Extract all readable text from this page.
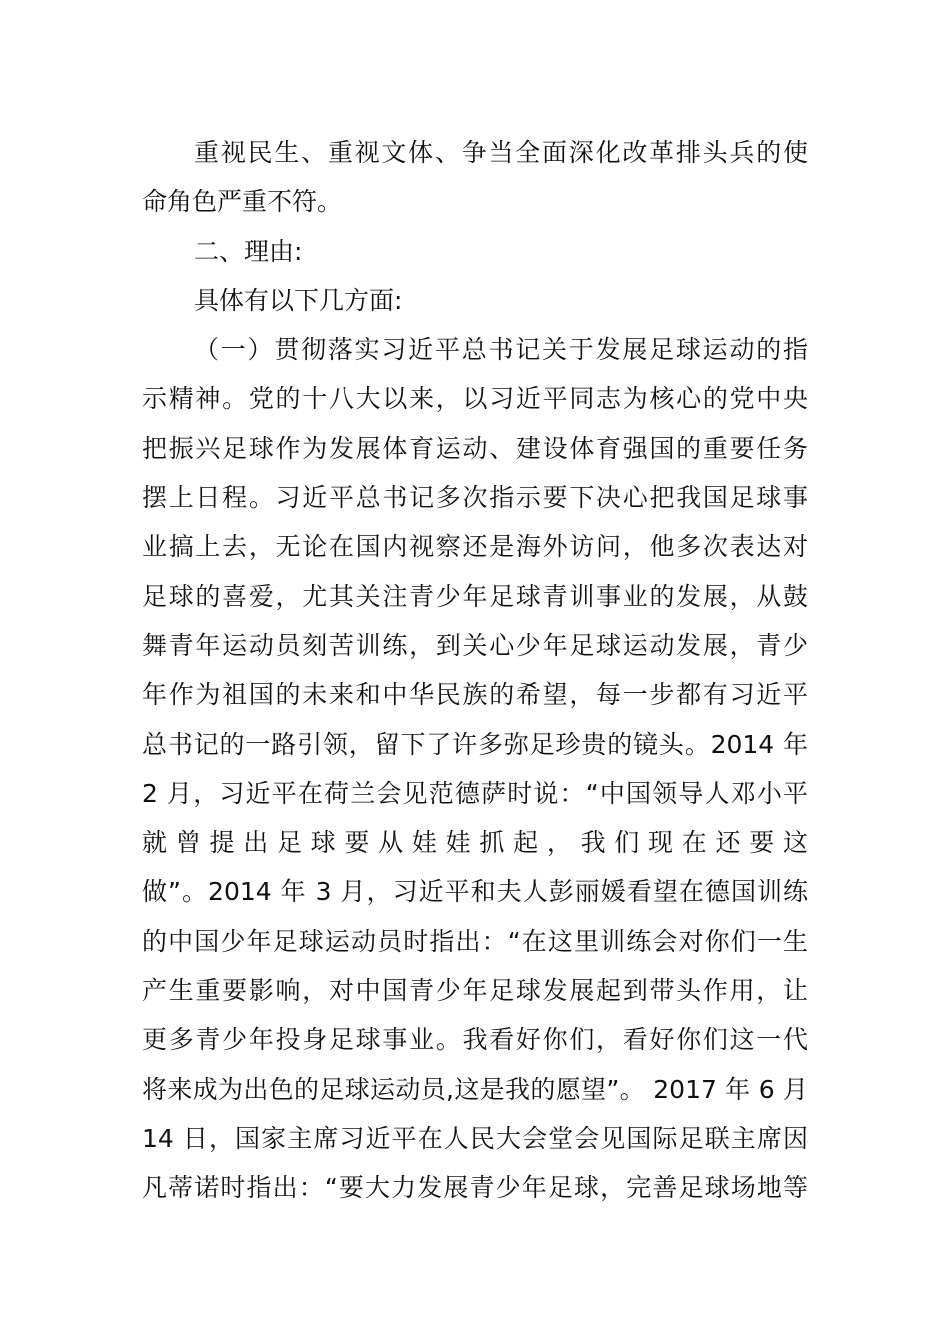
重视民生、重视文体、争当全面深化改革排头兵的使
命角色严重不符。
二、理由:
具体有以下几方面:
（一）贯彻落实习近平总书记关于发展足球运动的指
示精神。党的十八大以来，以习近平同志为核心的党中央
把振兴足球作为发展体育运动、建设体育强国的重要任务
摆上日程。习近平总书记多次指示要下决心把我国足球事
业搞上去，无论在国内视察还是海外访问，他多次表达对
足球的喜爱，尤其关注青少年足球青训事业的发展，从鼓
舞青年运动员刻苦训练，到关心少年足球运动发展，青少
年作为祖国的未来和中华民族的希望，每一步都有习近平
总书记的一路引领，留下了许多弥足珍贵的镜头。2014 年
2 月，习近平在荷兰会见范德萨时说：“中国领导人邓小平
就 曾 提 出 足 球 要 从 娃 娃 抓 起 ， 我 们 现 在 还 要 这
做”。2014 年 3 月，习近平和夫人彭丽媛看望在德国训练
的中国少年足球运动员时指出：“在这里训练会对你们一生
产生重要影响，对中国青少年足球发展起到带头作用，让
更多青少年投身足球事业。我看好你们，看好你们这一代
将来成为出色的足球运动员,这是我的愿望”。 2017 年 6 月
14 日，国家主席习近平在人民大会堂会见国际足联主席因
凡蒂诺时指出：“要大力发展青少年足球，完善足球场地等
